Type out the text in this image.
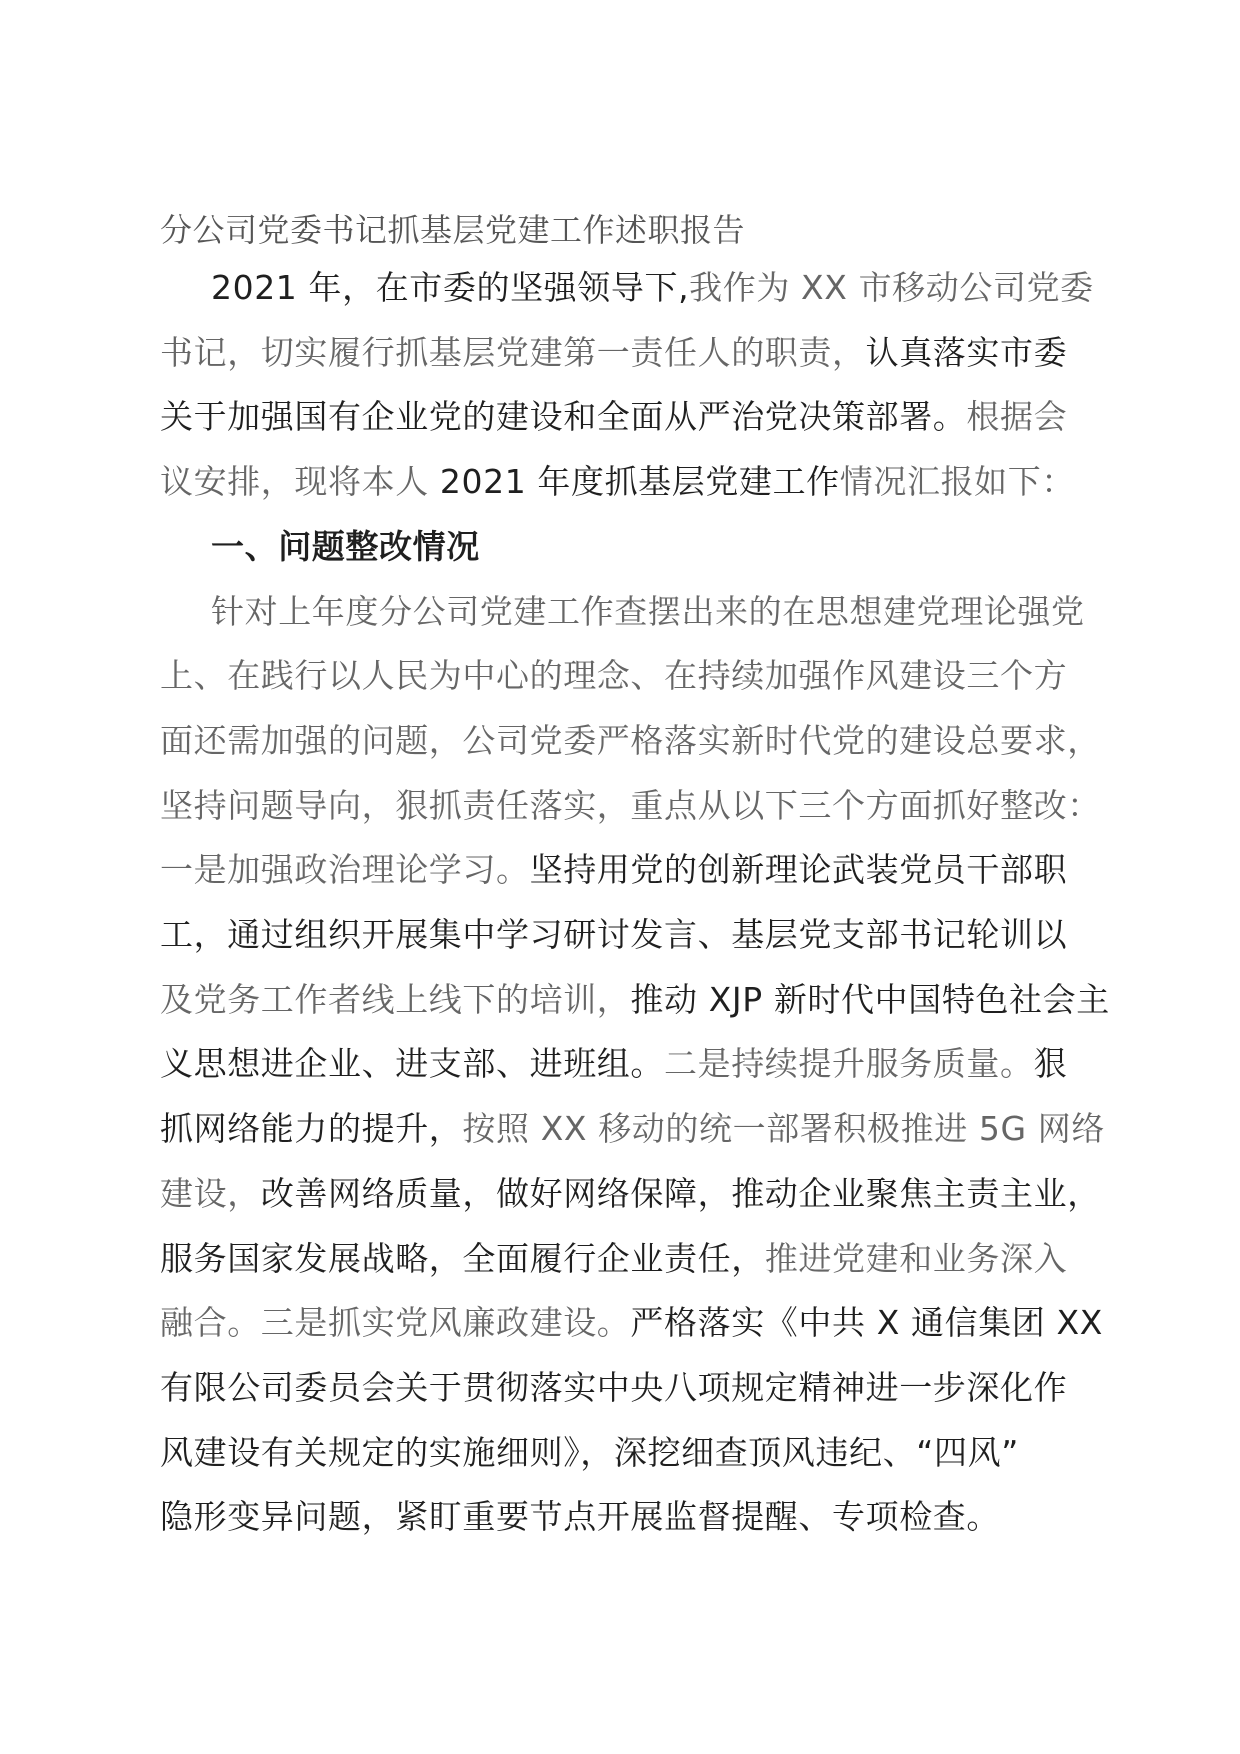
分公司党委书记抓基层党建工作述职报告
2021 年，在市委的坚强领导下,我作为 XX 市移动公司党委
书记，切实履行抓基层党建第一责任人的职责，认真落实市委
关于加强国有企业党的建设和全面从严治党决策部署。根据会
议安排，现将本人 2021 年度抓基层党建工作情况汇报如下：
一、问题整改情况
针对上年度分公司党建工作查摆出来的在思想建党理论强党
上、在践行以人民为中心的理念、在持续加强作风建设三个方
面还需加强的问题，公司党委严格落实新时代党的建设总要求，
坚持问题导向，狠抓责任落实，重点从以下三个方面抓好整改：
一是加强政治理论学习。坚持用党的创新理论武装党员干部职
工，通过组织开展集中学习研讨发言、基层党支部书记轮训以
及党务工作者线上线下的培训，推动 XJP 新时代中国特色社会主
义思想进企业、进支部、进班组。二是持续提升服务质量。狠
抓网络能力的提升，按照 XX 移动的统一部署积极推进 5G 网络
建设，改善网络质量，做好网络保障，推动企业聚焦主责主业，
服务国家发展战略，全面履行企业责任，推进党建和业务深入
融合。三是抓实党风廉政建设。严格落实《中共 X 通信集团 XX
有限公司委员会关于贯彻落实中央八项规定精神进一步深化作
风建设有关规定的实施细则》，深挖细查顶风违纪、“四风”
隐形变异问题，紧盯重要节点开展监督提醒、专项检查。
